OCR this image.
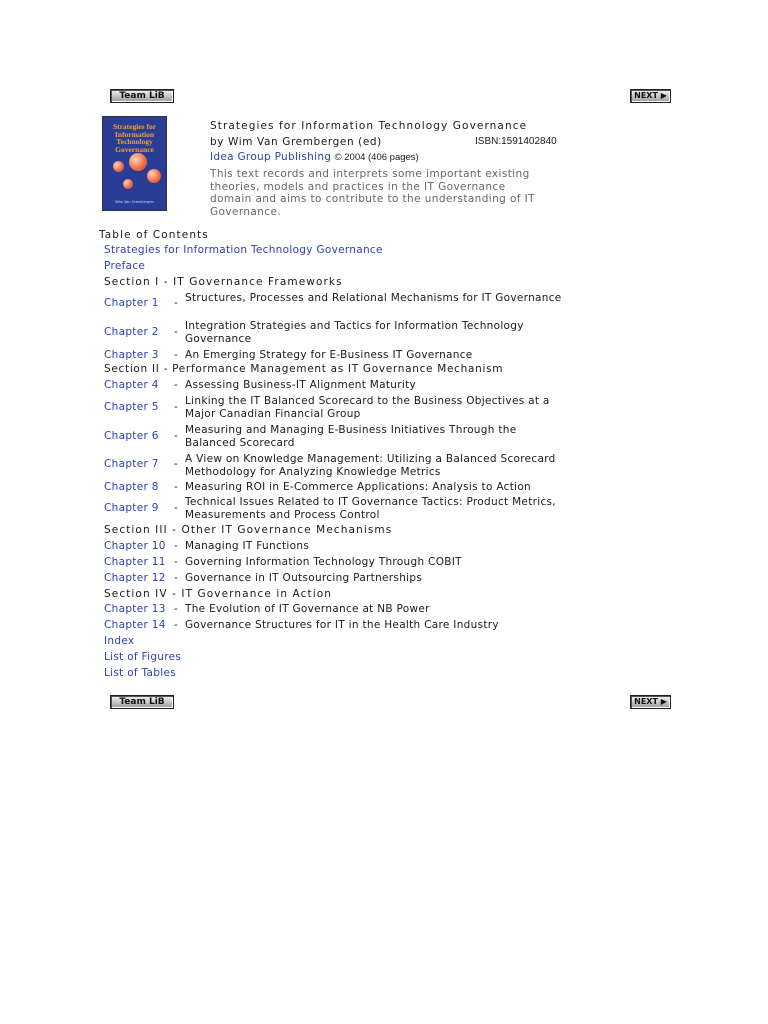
Team LiB	NEXT ▶
Strategies for Information Technology Governance
Wim Van Grembergen
Strategies for Information Technology Governance
by Wim Van Grembergen (ed)	ISBN:1591402840
Idea Group Publishing © 2004 (406 pages)
This text records and interprets some important existing theories, models and practices in the IT Governance domain and aims to contribute to the understanding of IT Governance.
Table of Contents
Strategies for Information Technology Governance
Preface
Section I - IT Governance Frameworks
Chapter 1 - Structures, Processes and Relational Mechanisms for IT Governance
Chapter 2 - Integration Strategies and Tactics for Information Technology Governance
Chapter 3 - An Emerging Strategy for E-Business IT Governance
Section II - Performance Management as IT Governance Mechanism
Chapter 4 - Assessing Business-IT Alignment Maturity
Chapter 5 - Linking the IT Balanced Scorecard to the Business Objectives at a Major Canadian Financial Group
Chapter 6 - Measuring and Managing E-Business Initiatives Through the Balanced Scorecard
Chapter 7 - A View on Knowledge Management: Utilizing a Balanced Scorecard Methodology for Analyzing Knowledge Metrics
Chapter 8 - Measuring ROI in E-Commerce Applications: Analysis to Action
Chapter 9 - Technical Issues Related to IT Governance Tactics: Product Metrics, Measurements and Process Control
Section III - Other IT Governance Mechanisms
Chapter 10 - Managing IT Functions
Chapter 11 - Governing Information Technology Through COBIT
Chapter 12 - Governance in IT Outsourcing Partnerships
Section IV - IT Governance in Action
Chapter 13 - The Evolution of IT Governance at NB Power
Chapter 14 - Governance Structures for IT in the Health Care Industry
Index
List of Figures
List of Tables
Team LiB	NEXT ▶
